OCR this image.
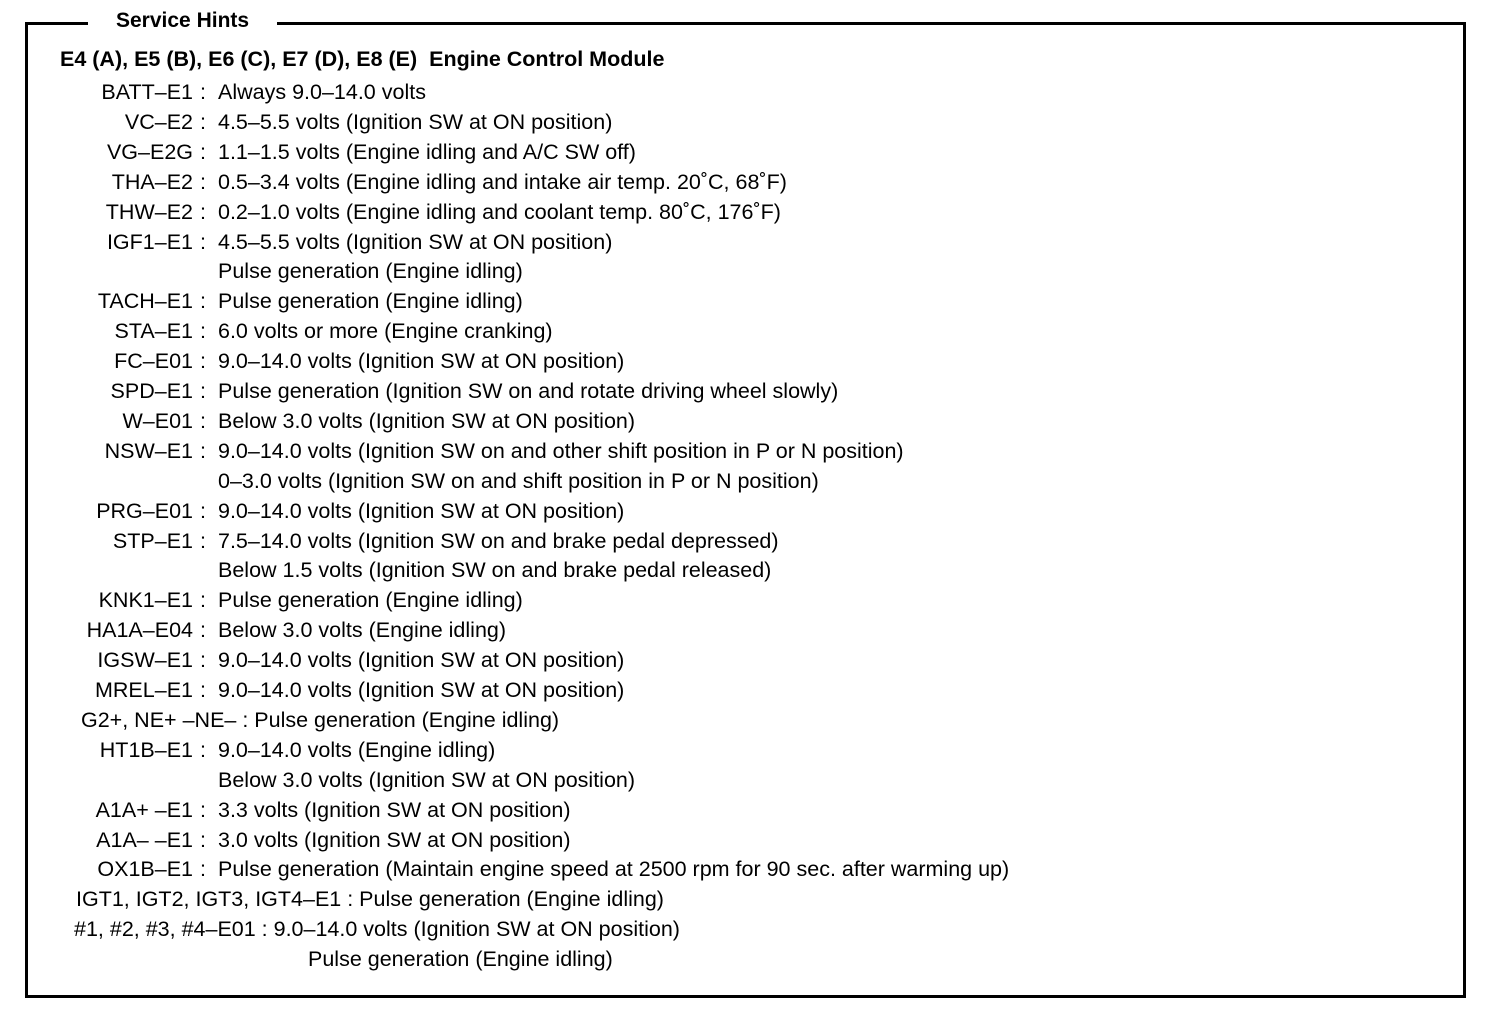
Service Hints
E4 (A), E5 (B), E6 (C), E7 (D), E8 (E)  Engine Control Module
BATT–E1 : Always 9.0–14.0 volts
VC–E2 : 4.5–5.5 volts (Ignition SW at ON position)
VG–E2G : 1.1–1.5 volts (Engine idling and A/C SW off)
THA–E2 : 0.5–3.4 volts (Engine idling and intake air temp. 20˚C, 68˚F)
THW–E2 : 0.2–1.0 volts (Engine idling and coolant temp. 80˚C, 176˚F)
IGF1–E1 : 4.5–5.5 volts (Ignition SW at ON position)
Pulse generation (Engine idling)
TACH–E1 : Pulse generation (Engine idling)
STA–E1 : 6.0 volts or more (Engine cranking)
FC–E01 : 9.0–14.0 volts (Ignition SW at ON position)
SPD–E1 : Pulse generation (Ignition SW on and rotate driving wheel slowly)
W–E01 : Below 3.0 volts (Ignition SW at ON position)
NSW–E1 : 9.0–14.0 volts (Ignition SW on and other shift position in P or N position)
0–3.0 volts (Ignition SW on and shift position in P or N position)
PRG–E01 : 9.0–14.0 volts (Ignition SW at ON position)
STP–E1 : 7.5–14.0 volts (Ignition SW on and brake pedal depressed)
Below 1.5 volts (Ignition SW on and brake pedal released)
KNK1–E1 : Pulse generation (Engine idling)
HA1A–E04 : Below 3.0 volts (Engine idling)
IGSW–E1 : 9.0–14.0 volts (Ignition SW at ON position)
MREL–E1 : 9.0–14.0 volts (Ignition SW at ON position)
G2+, NE+ –NE– : Pulse generation (Engine idling)
HT1B–E1 : 9.0–14.0 volts (Engine idling)
Below 3.0 volts (Ignition SW at ON position)
A1A+ –E1 : 3.3 volts (Ignition SW at ON position)
A1A– –E1 : 3.0 volts (Ignition SW at ON position)
OX1B–E1 : Pulse generation (Maintain engine speed at 2500 rpm for 90 sec. after warming up)
IGT1, IGT2, IGT3, IGT4–E1 : Pulse generation (Engine idling)
#1, #2, #3, #4–E01 : 9.0–14.0 volts (Ignition SW at ON position)
Pulse generation (Engine idling)
